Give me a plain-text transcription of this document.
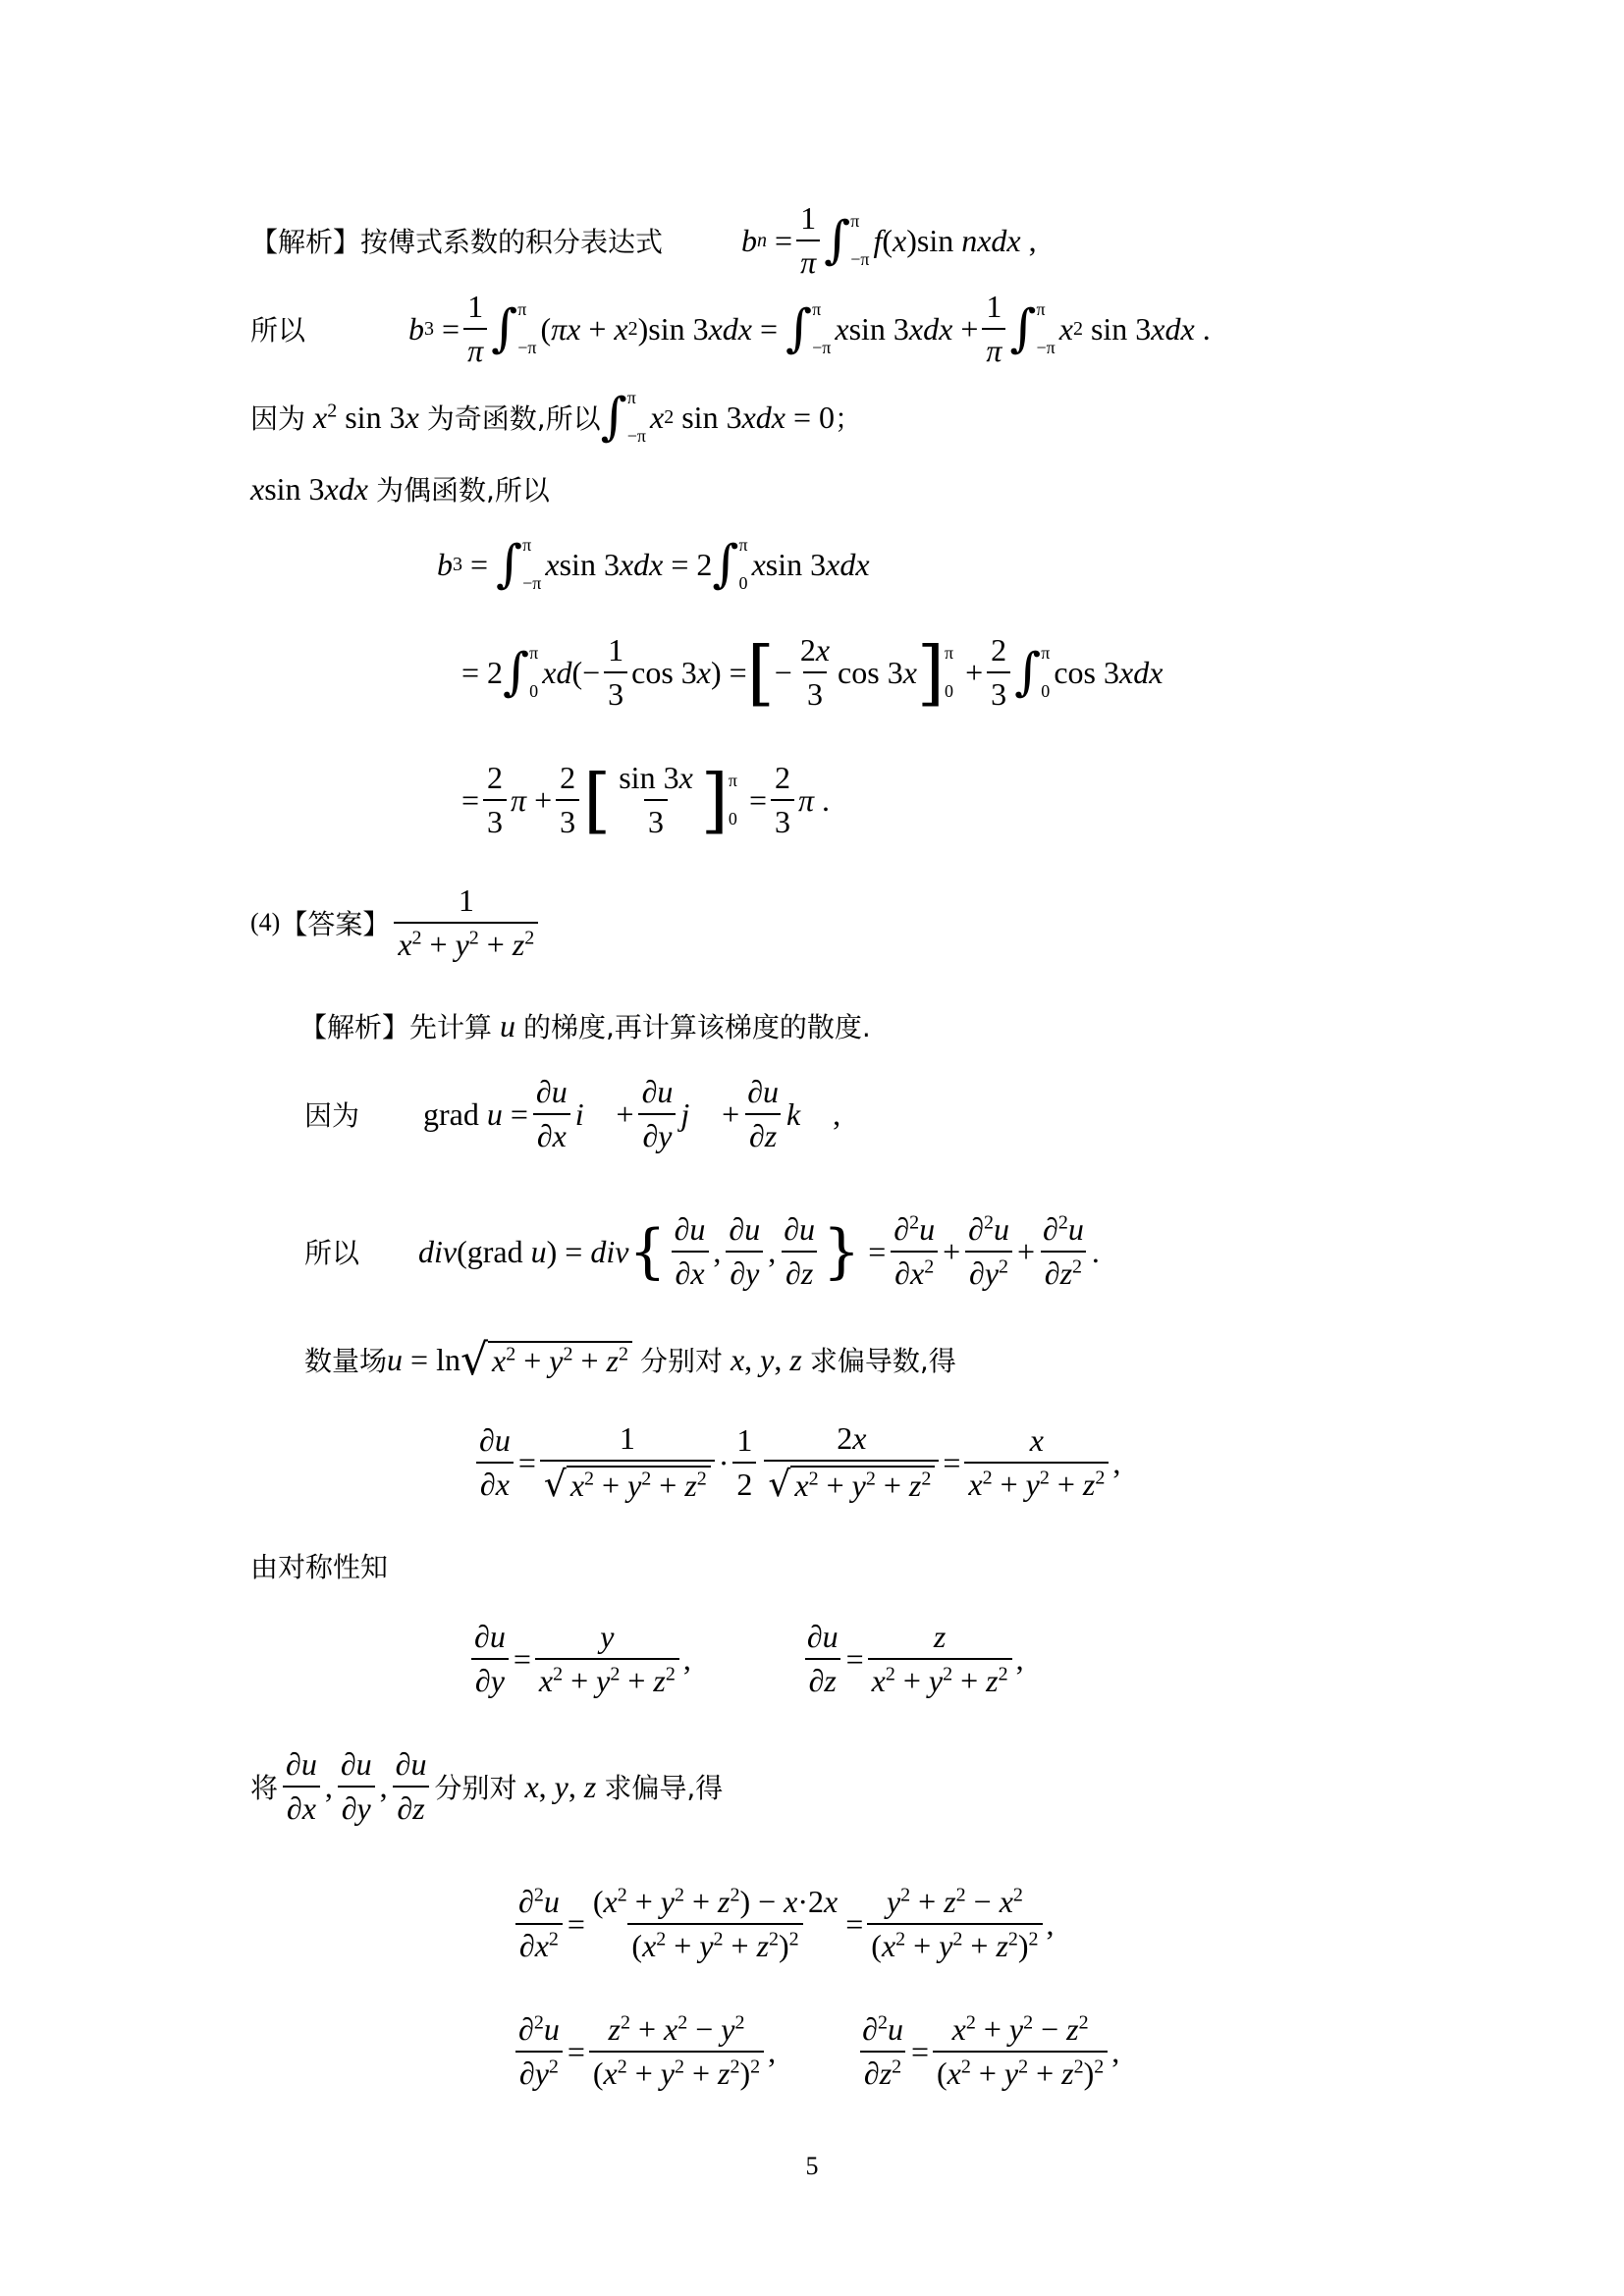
【解析】 按傅式系数的积分表达式	b $n = \frac{1}{\pi}$ ∫ π
−π
f ( x )sin nxdx ,
所以	b $3 = \frac{1}{\pi}$ ∫ π
−π
( πx + x 2 )sin 3 xdx = ∫ π
−π
x sin 3 xdx + $\frac{1}{\pi}$ ∫ π
−π
x 2 sin 3 xdx .
因为 $x^2$ sin 3x 为奇函数,所以 ∫ π
−π
x 2 sin 3 xdx = 0 ；
xsin 3xdx 为偶函数,所以
b 3 = ∫ π
−π
x sin 3 xdx = 2 ∫ π
0
x sin 3 xdx
= 2 ∫ π
0
xd (− $\frac{1}{3}$ cos 3 x ) = [ − $\frac{2x}{3}$ cos 3 x ] π
0
+ $\frac{2}{3}$ ∫ π
0
cos 3 xdx
= $\frac{2}{3}$ $\pi + \frac{2}{3}$ [ $\frac{\sin 3x}{3}$ ] π
0
= $\frac{2}{3}$ π .
(4) 【答案】 $\frac{1}{x^2 + y^2 + z^2}$
【解析】 先计算 u 的梯度,再计算该梯度的散度.
因为 grad $u = \frac{\partial u}{\partial x}$ i⃗ + $\frac{\partial u}{\partial y}$ j⃗ + $\frac{\partial u}{\partial z}$ k⃗ ,
所以 div (grad u ) = div { $\frac{\partial u}{\partial x}$ , $\frac{\partial u}{\partial y}$ , $\frac{\partial u}{\partial z}$ } = $\frac{\partial^2u}{\partial x^2} + \frac{\partial^2u}{\partial y^2} + \frac{\partial^2u}{\partial z^2}$ .
数量场 u = ln √ $x^2 + y^2 + z^2$
分别对 x, y, z 求偏导数,得
$\frac{\partial u}{\partial x} = \frac{1}{√ x^2 + y^2 + z^2} \cdot \frac{1}{2} \frac{2x}{√ x^2 + y^2 + z^2} = \frac{x}{x^2 + y^2 + z^2}$ ,
由对称性知
$\frac{\partial u}{\partial y} = \frac{y}{x^2 + y^2 + z^2}$ ,	$\frac{\partial u}{\partial z} = \frac{z}{x^2 + y^2 + z^2}$ ,
将 $\frac{\partial u}{\partial x}$ , $\frac{\partial u}{\partial y}$ , $\frac{\partial u}{\partial z}$ 分别对 x, y, z 求偏导,得
$\frac{\partial^2u}{\partial x^2} = \frac{(x^2 + y^2 + z^2) - x\cdot 2x}{(x^2 + y^2 + z^2)^2} = \frac{y^2 + z^2 - x^2}{(x^2 + y^2 + z^2)^2}$ ,
$\frac{\partial^2u}{\partial y^2} = \frac{z^2 + x^2 - y^2}{(x^2 + y^2 + z^2)^2}$ ,	$\frac{\partial^2u}{\partial z^2} = \frac{x^2 + y^2 - z^2}{(x^2 + y^2 + z^2)^2}$ ,
5
